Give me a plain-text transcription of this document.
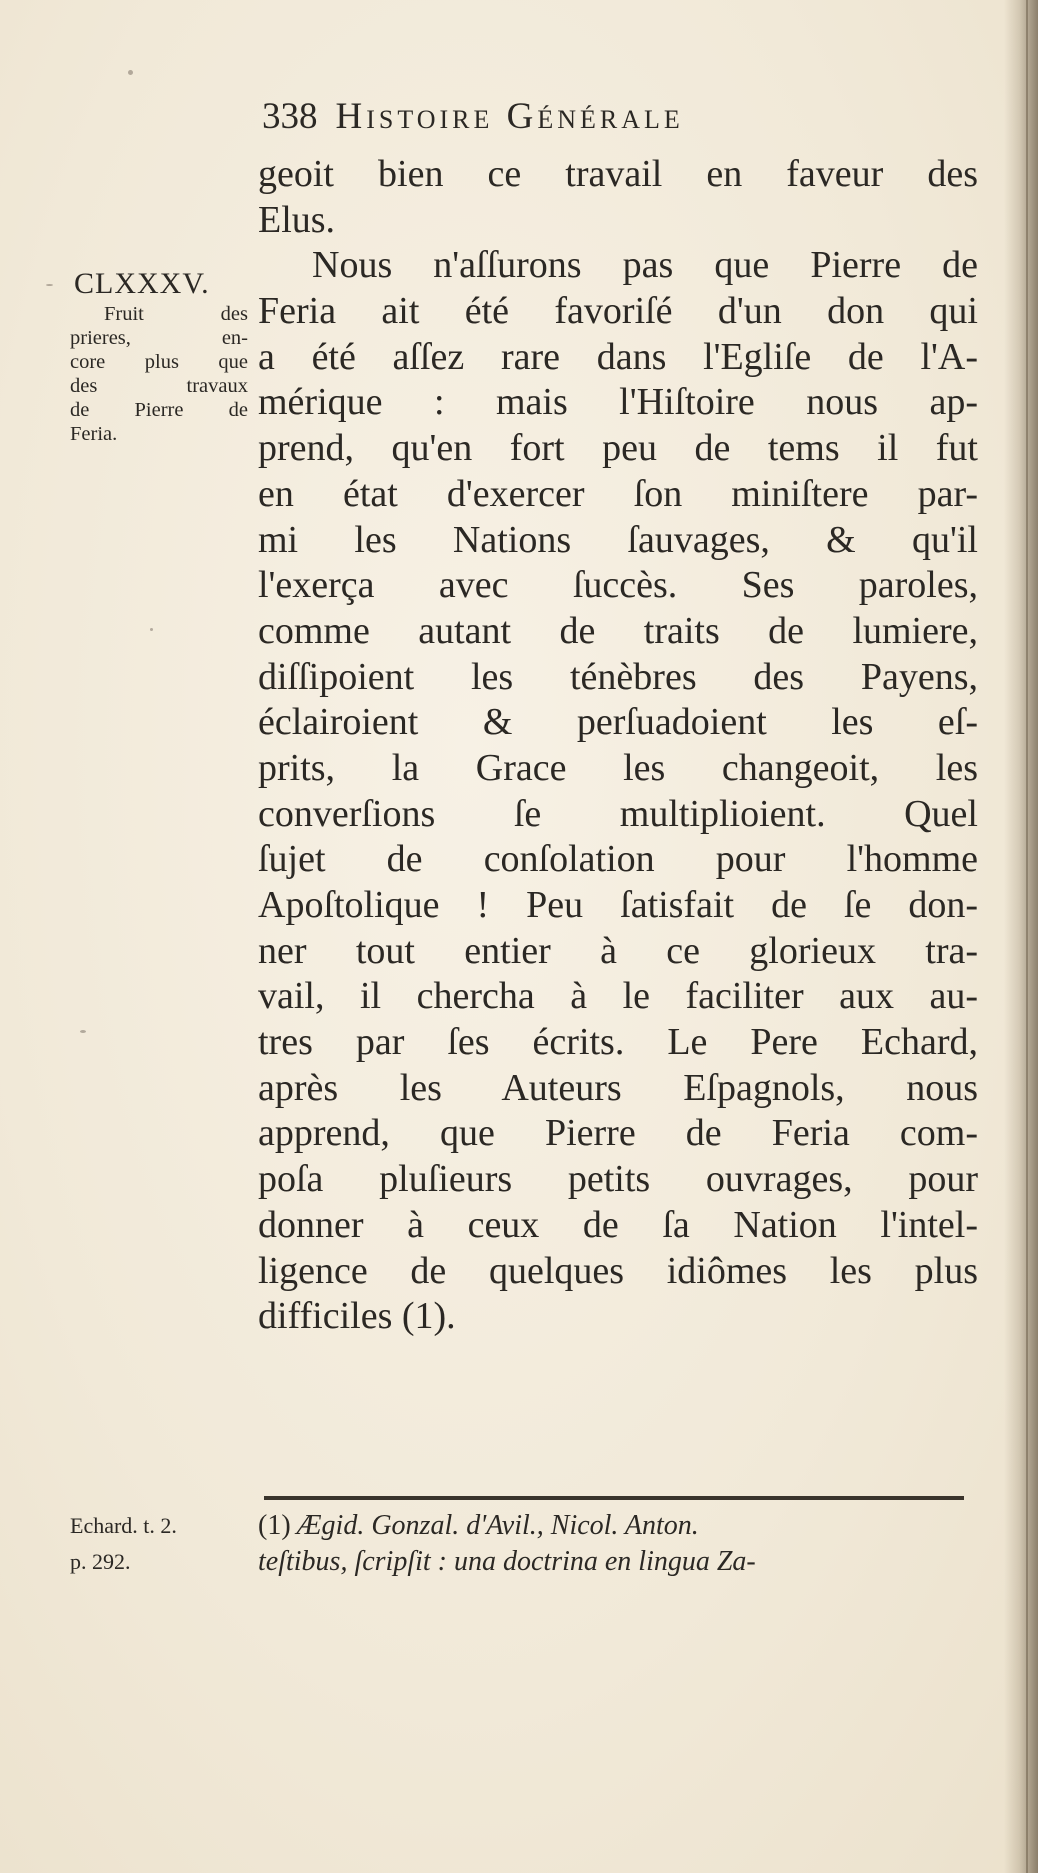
338 Histoire Générale
CLXXXV.
Fruit des
prieres, en-
core plus que
des travaux
de Pierre de
Feria.
geoit bien ce travail en faveur des
Elus.
Nous n'aſſurons pas que Pierre de
Feria ait été favoriſé d'un don qui
a été aſſez rare dans l'Egliſe de l'A-
mérique : mais l'Hiſtoire nous ap-
prend, qu'en fort peu de tems il fut
en état d'exercer ſon miniſtere par-
mi les Nations ſauvages, & qu'il
l'exerça avec ſuccès. Ses paroles,
comme autant de traits de lumiere,
diſſipoient les ténèbres des Payens,
éclairoient & perſuadoient les eſ-
prits, la Grace les changeoit, les
converſions ſe multiplioient. Quel
ſujet de conſolation pour l'homme
Apoſtolique ! Peu ſatisfait de ſe don-
ner tout entier à ce glorieux tra-
vail, il chercha à le faciliter aux au-
tres par ſes écrits. Le Pere Echard,
après les Auteurs Eſpagnols, nous
apprend, que Pierre de Feria com-
poſa pluſieurs petits ouvrages, pour
donner à ceux de ſa Nation l'intel-
ligence de quelques idiômes les plus
difficiles (1).
Echard. t. 2.
p. 292.
(1) Ægid. Gonzal. d'Avil., Nicol. Anton.
teſtibus, ſcripſit : una doctrina en lingua Za-
